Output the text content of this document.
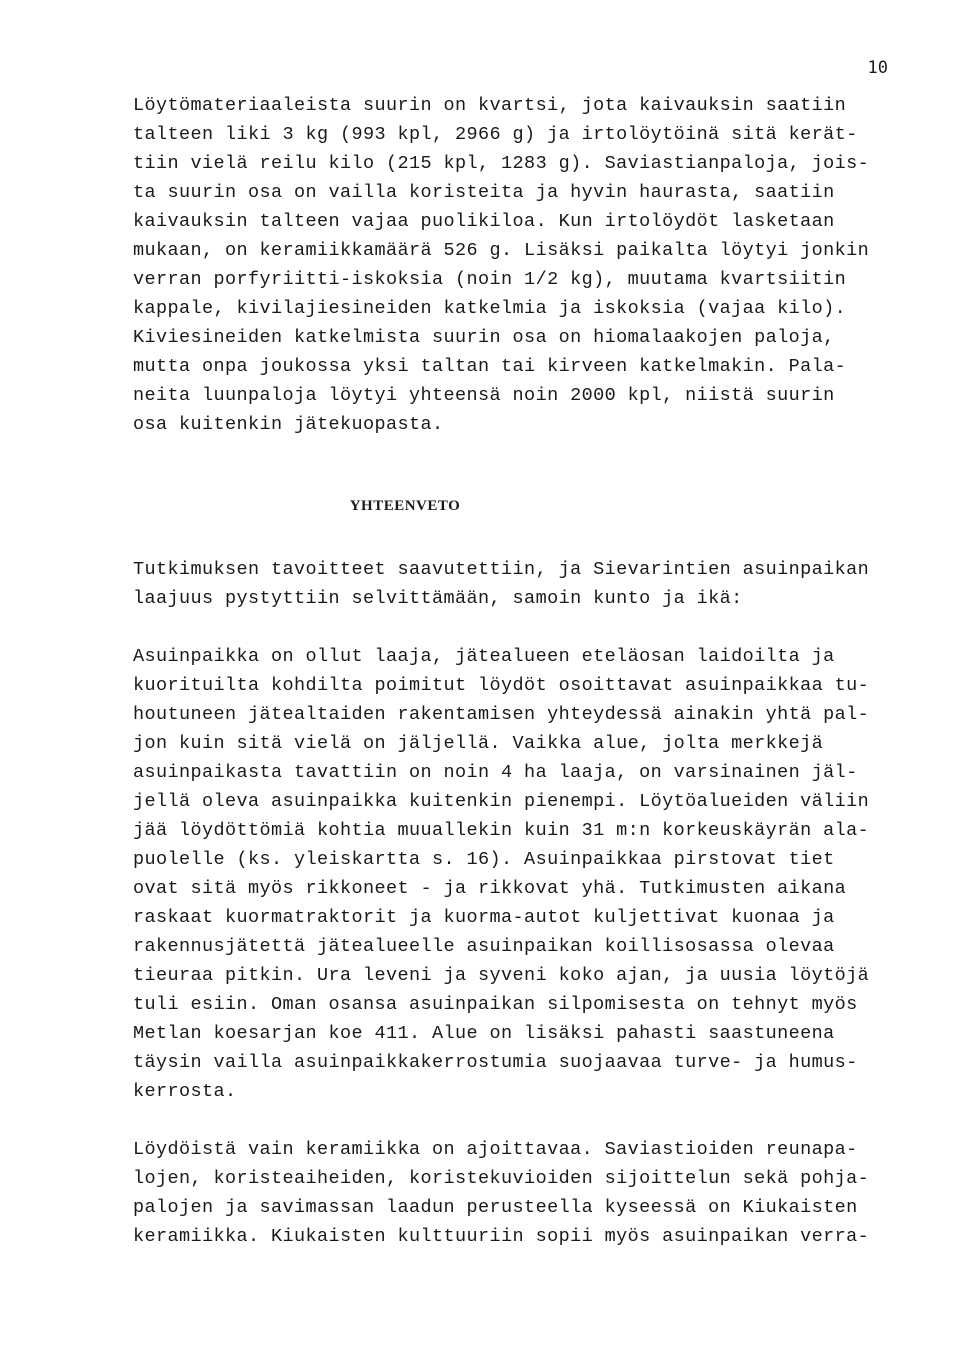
10
Löytömateriaaleista suurin on kvartsi, jota kaivauksin saatiin
talteen liki 3 kg (993 kpl, 2966 g) ja irtolöytöinä sitä kerät-
tiin vielä reilu kilo (215 kpl, 1283 g). Saviastianpaloja, jois-
ta suurin osa on vailla koristeita ja hyvin haurasta, saatiin
kaivauksin talteen vajaa puolikiloa. Kun irtolöydöt lasketaan
mukaan, on keramiikkamäärä 526 g. Lisäksi paikalta löytyi jonkin
verran porfyriitti-iskoksia (noin 1/2 kg), muutama kvartsiitin
kappale, kivilajiesineiden katkelmia ja iskoksia (vajaa kilo).
Kiviesineiden katkelmista suurin osa on hiomalaakojen paloja,
mutta onpa joukossa yksi taltan tai kirveen katkelmakin. Pala-
neita luunpaloja löytyi yhteensä noin 2000 kpl, niistä suurin
osa kuitenkin jätekuopasta.
YHTEENVETO
Tutkimuksen tavoitteet saavutettiin, ja Sievarintien asuinpaikan
laajuus pystyttiin selvittämään, samoin kunto ja ikä:
Asuinpaikka on ollut laaja, jätealueen eteläosan laidoilta ja
kuorituilta kohdilta poimitut löydöt osoittavat asuinpaikkaa tu-
houtuneen jätealtaiden rakentamisen yhteydessä ainakin yhtä pal-
jon kuin sitä vielä on jäljellä. Vaikka alue, jolta merkkejä
asuinpaikasta tavattiin on noin 4 ha laaja, on varsinainen jäl-
jellä oleva asuinpaikka kuitenkin pienempi. Löytöalueiden väliin
jää löydöttömiä kohtia muuallekin kuin 31 m:n korkeuskäyrän ala-
puolelle (ks. yleiskartta s. 16). Asuinpaikkaa pirstovat tiet
ovat sitä myös rikkoneet - ja rikkovat yhä. Tutkimusten aikana
raskaat kuormatraktorit ja kuorma-autot kuljettivat kuonaa ja
rakennusjätettä jätealueelle asuinpaikan koillisosassa olevaa
tieuraa pitkin. Ura leveni ja syveni koko ajan, ja uusia löytöjä
tuli esiin. Oman osansa asuinpaikan silpomisesta on tehnyt myös
Metlan koesarjan koe 411. Alue on lisäksi pahasti saastuneena
täysin vailla asuinpaikkakerrostumia suojaavaa turve- ja humus-
kerrosta.
Löydöistä vain keramiikka on ajoittavaa. Saviastioiden reunapa-
lojen, koristeaiheiden, koristekuvioiden sijoittelun sekä pohja-
palojen ja savimassan laadun perusteella kyseessä on Kiukaisten
keramiikka. Kiukaisten kulttuuriin sopii myös asuinpaikan verra-
